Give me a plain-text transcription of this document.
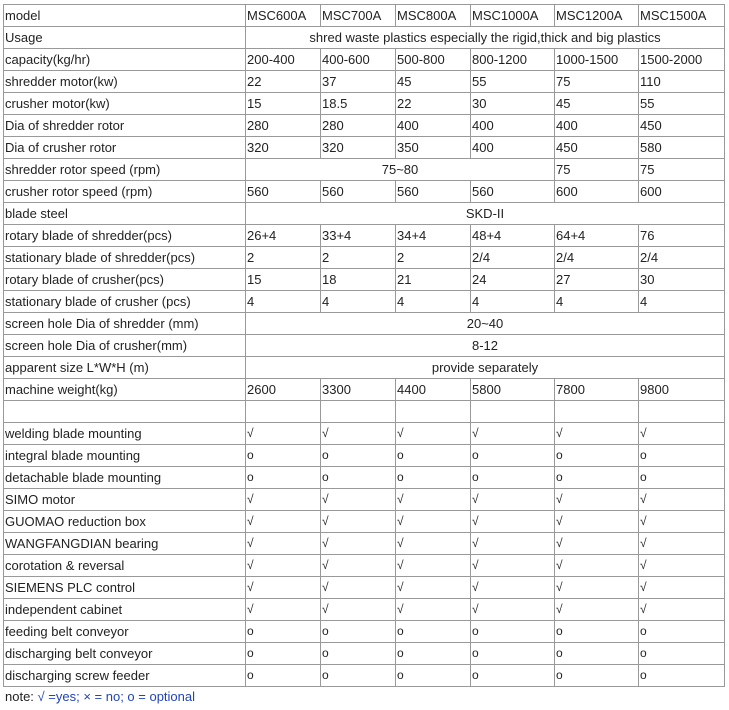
model	MSC600A	MSC700A	MSC800A	MSC1000A	MSC1200A	MSC1500A
Usage	shred waste plastics especially the rigid,thick and big plastics					
capacity(kg/hr)	200-400	400-600	500-800	800-1200	1000-1500	1500-2000
shredder motor(kw)	22	37	45	55	75	110
crusher motor(kw)	15	18.5	22	30	45	55
Dia of shredder rotor	280	280	400	400	400	450
Dia of crusher rotor	320	320	350	400	450	580
shredder rotor speed (rpm)	75~80				75	75
crusher rotor speed (rpm)	560	560	560	560	600	600
blade steel	SKD-II					
rotary blade of shredder(pcs)	26+4	33+4	34+4	48+4	64+4	76
stationary blade of shredder(pcs)	2	2	2	2/4	2/4	2/4
rotary blade of crusher(pcs)	15	18	21	24	27	30
stationary blade of crusher (pcs)	4	4	4	4	4	4
screen hole Dia of shredder (mm)	20~40					
screen hole Dia of crusher(mm)	8-12					
apparent size L*W*H (m)	provide separately					
machine weight(kg)	2600	3300	4400	5800	7800	9800

welding blade mounting	√	√	√	√	√	√
integral blade mounting	o	o	o	o	o	o
detachable blade mounting	o	o	o	o	o	o
SIMO motor	√	√	√	√	√	√
GUOMAO reduction box	√	√	√	√	√	√
WANGFANGDIAN bearing	√	√	√	√	√	√
corotation & reversal	√	√	√	√	√	√
SIEMENS PLC control	√	√	√	√	√	√
independent cabinet	√	√	√	√	√	√
feeding belt conveyor	o	o	o	o	o	o
discharging belt conveyor	o	o	o	o	o	o
discharging screw feeder	o	o	o	o	o	o
note: √ =yes; × = no; o = optional
